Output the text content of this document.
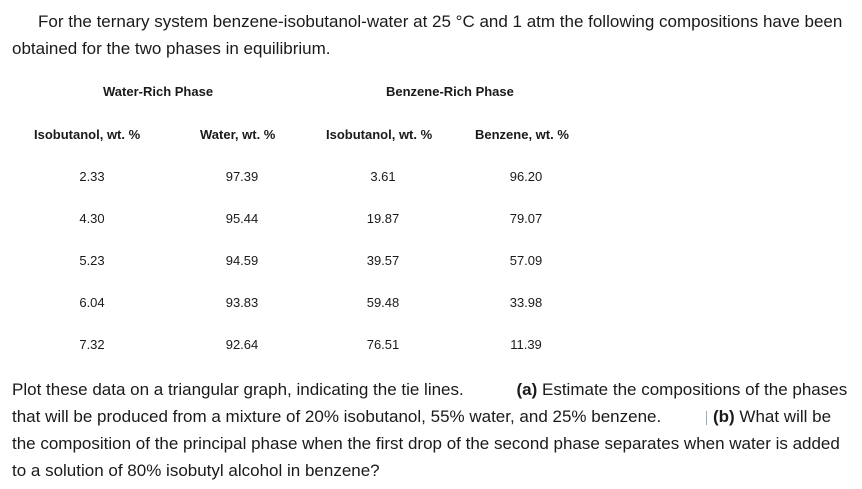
For the ternary system benzene-isobutanol-water at 25 °C and 1 atm the following compositions have been obtained for the two phases in equilibrium.
Water-Rich Phase	Benzene-Rich Phase
Isobutanol, wt. %	Water, wt. %	Isobutanol, wt. %	Benzene, wt. %
2.33	97.39	3.61	96.20
4.30	95.44	19.87	79.07
5.23	94.59	39.57	57.09
6.04	93.83	59.48	33.98
7.32	92.64	76.51	11.39
Plot these data on a triangular graph, indicating the tie lines.	(a) Estimate the compositions of the phases that will be produced from a mixture of 20% isobutanol, 55% water, and 25% benzene.	(b) What will be the composition of the principal phase when the first drop of the second phase separates when water is added to a solution of 80% isobutyl alcohol in benzene?
